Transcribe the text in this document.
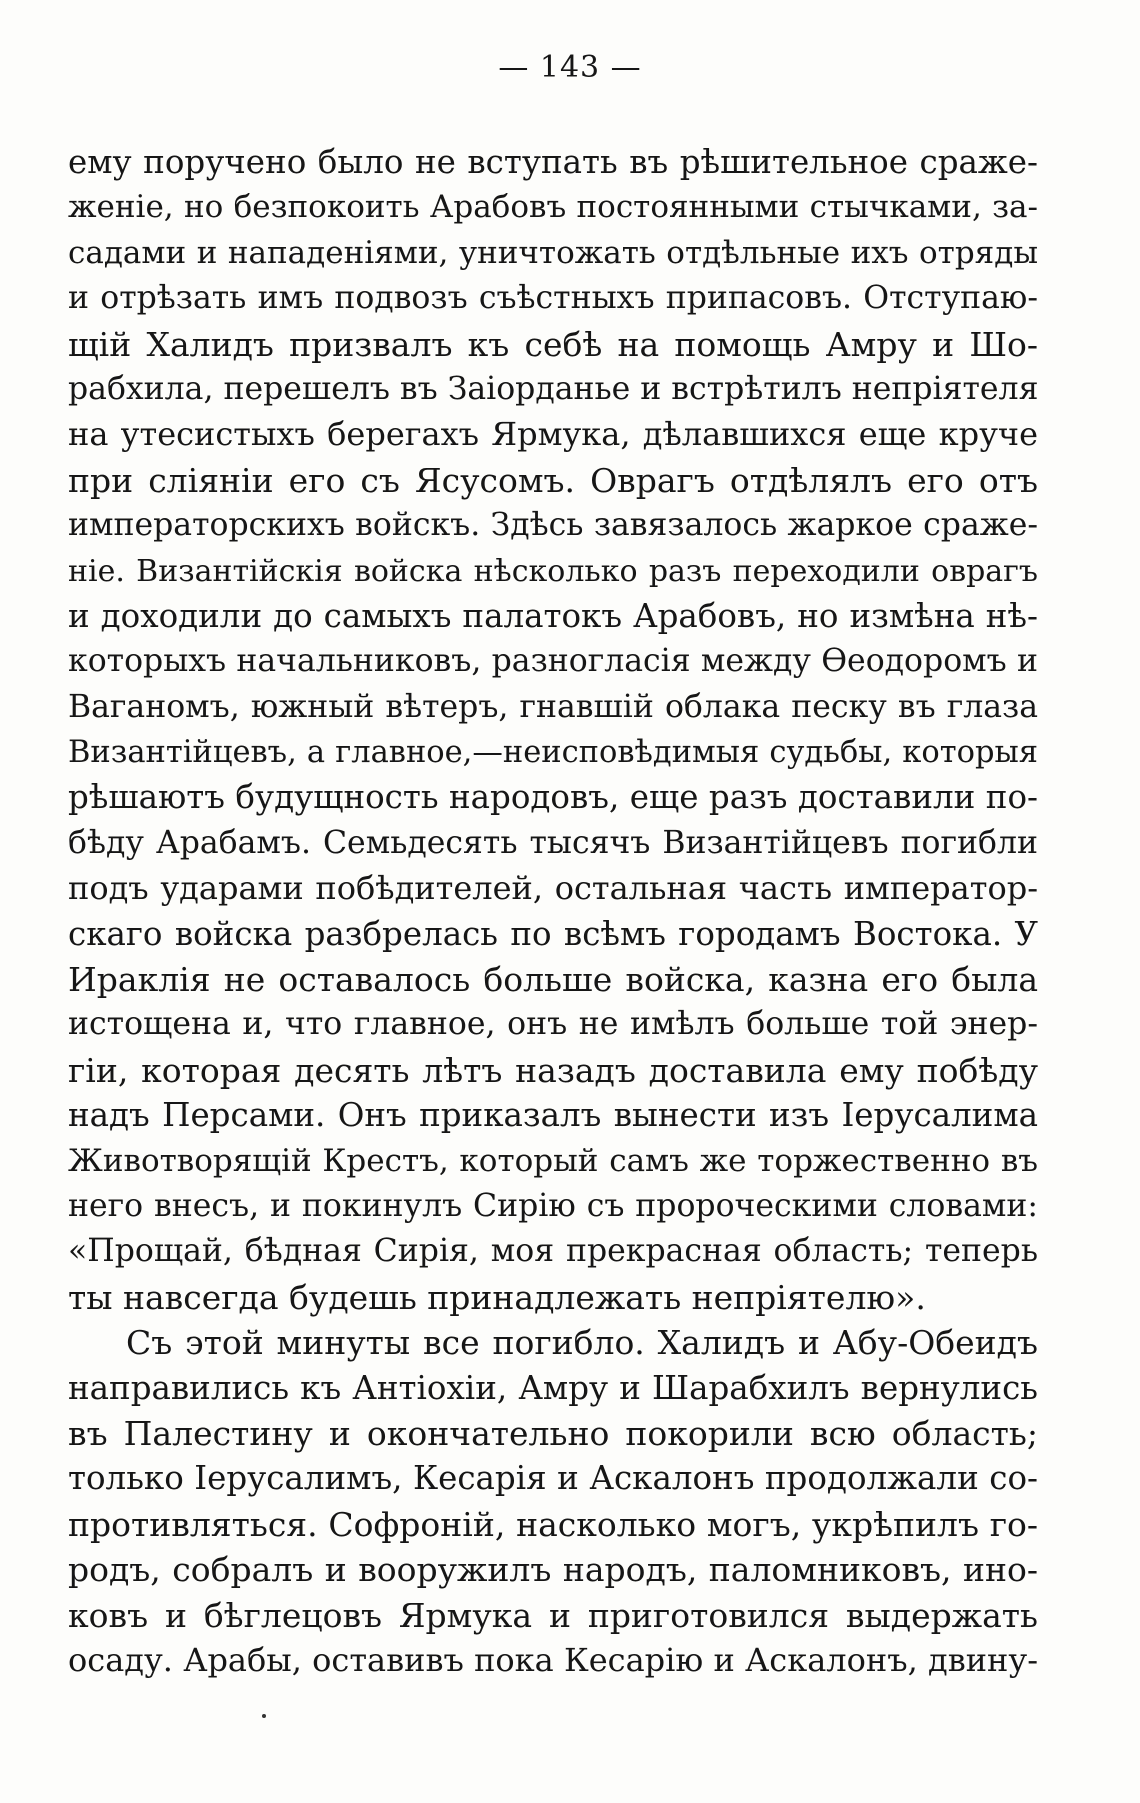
— 143 —
ему поручено было не вступать въ рѣшительное сраже-
женіе, но безпокоить Арабовъ постоянными стычками, за-
садами и нападеніями, уничтожать отдѣльные ихъ отряды
и отрѣзать имъ подвозъ съѣстныхъ припасовъ. Отступаю-
щій Халидъ призвалъ къ себѣ на помощь Амру и Шо-
рабхила, перешелъ въ Заіорданье и встрѣтилъ непріятеля
на утесистыхъ берегахъ Ярмука, дѣлавшихся еще круче
при сліяніи его съ Ясусомъ. Оврагъ отдѣлялъ его отъ
императорскихъ войскъ. Здѣсь завязалось жаркое сраже-
ніе. Византійскія войска нѣсколько разъ переходили оврагъ
и доходили до самыхъ палатокъ Арабовъ, но измѣна нѣ-
которыхъ начальниковъ, разногласія между Ѳеодоромъ и
Ваганомъ, южный вѣтеръ, гнавшій облака песку въ глаза
Византійцевъ, а главное,—неисповѣдимыя судьбы, которыя
рѣшаютъ будущность народовъ, еще разъ доставили по-
бѣду Арабамъ. Семьдесять тысячъ Византійцевъ погибли
подъ ударами побѣдителей, остальная часть император-
скаго войска разбрелась по всѣмъ городамъ Востока. У
Ираклія не оставалось больше войска, казна его была
истощена и, что главное, онъ не имѣлъ больше той энер-
гіи, которая десять лѣтъ назадъ доставила ему побѣду
надъ Персами. Онъ приказалъ вынести изъ Іерусалима
Животворящій Крестъ, который самъ же торжественно въ
него внесъ, и покинулъ Сирію съ пророческими словами:
«Прощай, бѣдная Сирія, моя прекрасная область; теперь
ты навсегда будешь принадлежать непріятелю».
Съ этой минуты все погибло. Халидъ и Абу-Обеидъ
направились къ Антіохіи, Амру и Шарабхилъ вернулись
въ Палестину и окончательно покорили всю область;
только Іерусалимъ, Кесарія и Аскалонъ продолжали со-
противляться. Софроній, насколько могъ, укрѣпилъ го-
родъ, собралъ и вооружилъ народъ, паломниковъ, ино-
ковъ и бѣглецовъ Ярмука и приготовился выдержать
осаду. Арабы, оставивъ пока Кесарію и Аскалонъ, двину-
